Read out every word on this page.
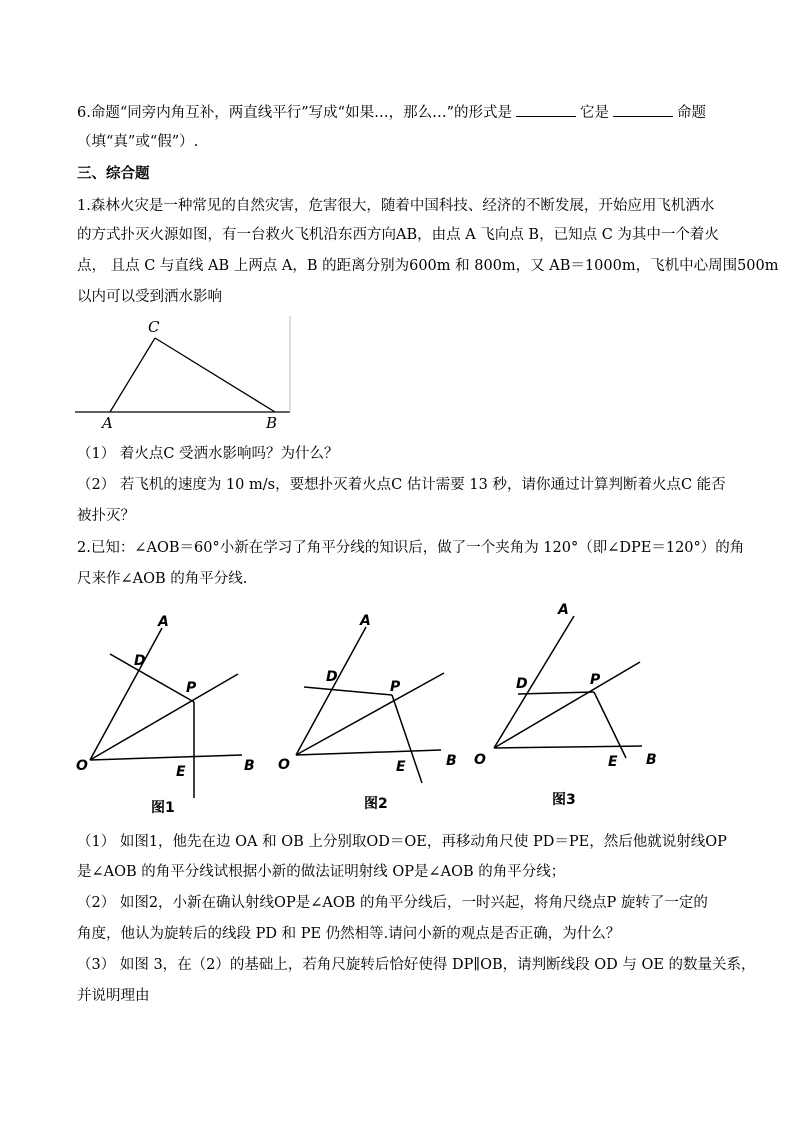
6.命题“同旁内角互补，两直线平行”写成“如果…，那么…”的形式是	它是	命题
（填“真”或“假”）.
三、综合题
1.森林火灾是一种常见的自然灾害，危害很大，随着中国科技、经济的不断发展，开始应用飞机洒水
的方式扑灭火源如图，有一台救火飞机沿东西方向AB，由点 A 飞向点 B，已知点 C 为其中一个着火
点， 且点 C 与直线 AB 上两点 A，B 的距离分别为600m 和 800m，又 AB＝1000m，飞机中心周围500m
以内可以受到洒水影响
C
A	B
（1） 着火点C 受洒水影响吗？为什么？
（2） 若飞机的速度为 10 m/s，要想扑灭着火点C 估计需要 13 秒，请你通过计算判断着火点C 能否
被扑灭？
2.已知：∠AOB＝60°小新在学习了角平分线的知识后，做了一个夹角为 120°（即∠DPE＝120°）的角
尺来作∠AOB 的角平分线.
A
D
P
O	E	B
图1
A
D
P
O	E	B
图2
A
D	P
O	E B
图3
（1） 如图1，他先在边 OA 和 OB 上分别取OD＝OE，再移动角尺使 PD＝PE，然后他就说射线OP
是∠AOB 的角平分线试根据小新的做法证明射线 OP是∠AOB 的角平分线；
（2） 如图2，小新在确认射线OP是∠AOB 的角平分线后，一时兴起，将角尺绕点P 旋转了一定的
角度，他认为旋转后的线段 PD 和 PE 仍然相等.请问小新的观点是否正确，为什么？
（3） 如图 3，在（2）的基础上，若角尺旋转后恰好使得 DP∥OB，请判断线段 OD 与 OE 的数量关系，
并说明理由
